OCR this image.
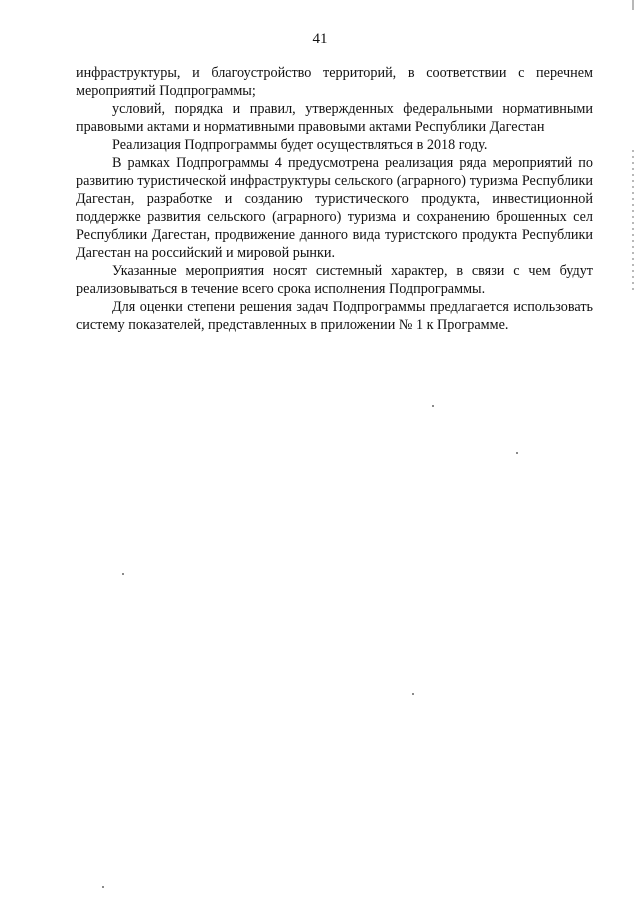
41

инфраструктуры, и благоустройство территорий, в соответствии с перечнем мероприятий Подпрограммы;

условий, порядка и правил, утвержденных федеральными нормативными правовыми актами и нормативными правовыми актами Республики Дагестан

Реализация Подпрограммы будет осуществляться в 2018 году.

В рамках Подпрограммы 4 предусмотрена реализация ряда мероприятий по развитию туристической инфраструктуры сельского (аграрного) туризма Республики Дагестан, разработке и созданию туристического продукта, инвестиционной поддержке развития сельского (аграрного) туризма и сохранению брошенных сел Республики Дагестан, продвижение данного вида туристского продукта Республики Дагестан на российский и мировой рынки.

Указанные мероприятия носят системный характер, в связи с чем будут реализовываться в течение всего срока исполнения Подпрограммы.

Для оценки степени решения задач Подпрограммы предлагается использовать систему показателей, представленных в приложении № 1 к Программе.
